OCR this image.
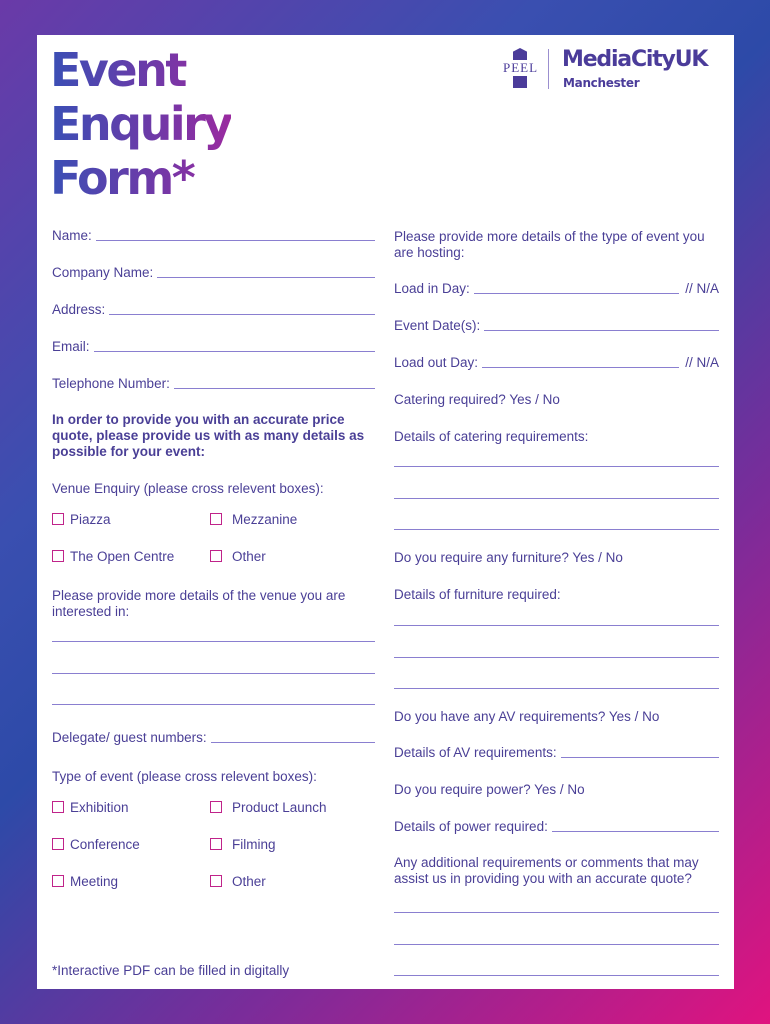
Event
Enquiry
Form*
PEEL MediaCityUK
Manchester
Name:
Company Name:
Address:
Email:
Telephone Number:
In order to provide you with an accurate price quote, please provide us with as many details as possible for your event:
Venue Enquiry (please cross relevent boxes):
Piazza	Mezzanine
The Open Centre	Other
Please provide more details of the venue you are interested in:
Delegate/ guest numbers:
Type of event (please cross relevent boxes):
Exhibition	Product Launch
Conference	Filming
Meeting	Other
*Interactive PDF can be filled in digitally
Please provide more details of the type of event you are hosting:
Load in Day:	// N/A
Event Date(s):
Load out Day:	// N/A
Catering required? Yes / No
Details of catering requirements:
Do you require any furniture? Yes / No
Details of furniture required:
Do you have any AV requirements? Yes / No
Details of AV requirements:
Do you require power? Yes / No
Details of power required:
Any additional requirements or comments that may assist us in providing you with an accurate quote?
